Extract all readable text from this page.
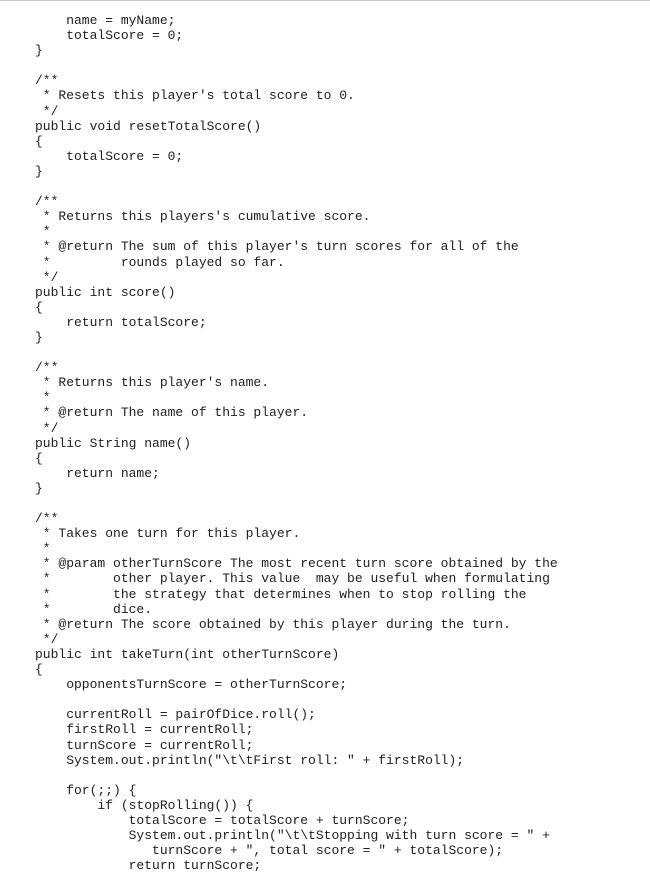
name = myName;
totalScore = 0;
}
/**
* Resets this player's total score to 0.
*/
public void resetTotalScore()
{
totalScore = 0;
}
/**
* Returns this players's cumulative score.
*
* @return The sum of this player's turn scores for all of the
*         rounds played so far.
*/
public int score()
{
return totalScore;
}
/**
* Returns this player's name.
*
* @return The name of this player.
*/
public String name()
{
return name;
}
/**
* Takes one turn for this player.
*
* @param otherTurnScore The most recent turn score obtained by the
*        other player. This value  may be useful when formulating
*        the strategy that determines when to stop rolling the
*        dice.
* @return The score obtained by this player during the turn.
*/
public int takeTurn(int otherTurnScore)
{
opponentsTurnScore = otherTurnScore;
currentRoll = pairOfDice.roll();
firstRoll = currentRoll;
turnScore = currentRoll;
System.out.println("\t\tFirst roll: " + firstRoll);
for(;;) {
if (stopRolling()) {
totalScore = totalScore + turnScore;
System.out.println("\t\tStopping with turn score = " +
turnScore + ", total score = " + totalScore);
return turnScore;
